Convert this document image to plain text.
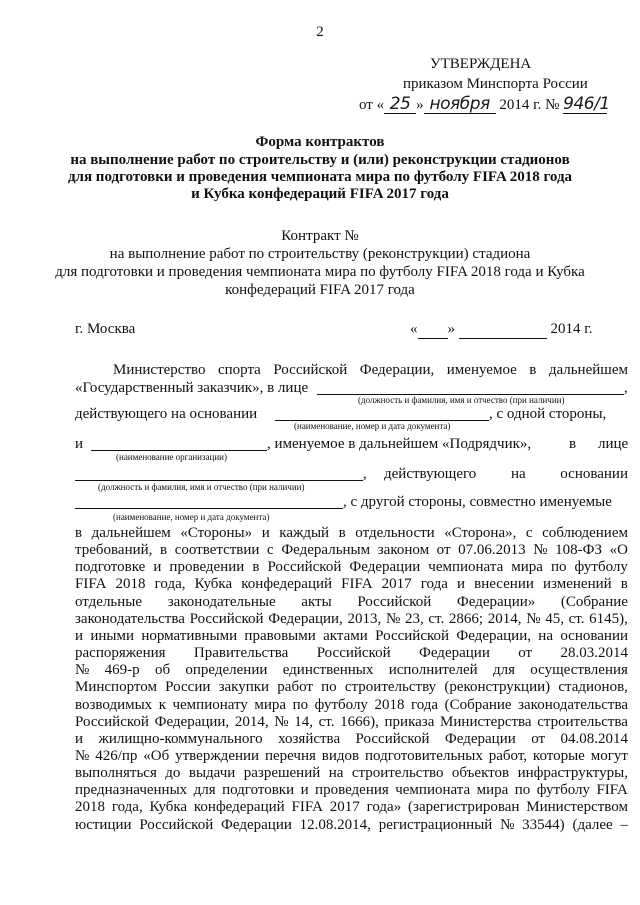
2
УТВЕРЖДЕНА
приказом Минспорта России
от « 25 » ноября 2014 г. № 946/1
Форма контрактов
на выполнение работ по строительству и (или) реконструкции стадионов
для подготовки и проведения чемпионата мира по футболу FIFA 2018 года
и Кубка конфедераций FIFA 2017 года
Контракт №
на выполнение работ по строительству (реконструкции) стадиона
для подготовки и проведения чемпионата мира по футболу FIFA 2018 года и Кубка
конфедераций FIFA 2017 года
г. Москва	« »	2014 г.
Министерство спорта Российской Федерации, именуемое в дальнейшем
«Государственный заказчик», в лице	,
(должность и фамилия, имя и отчество (при наличии)
действующего на основании	, с одной стороны,
(наименование, номер и дата документа)
и	, именуемое в дальнейшем «Подрядчик»,	в лице
(наименование организации)
, действующего на основании
(должность и фамилия, имя и отчество (при наличии)
, с другой стороны, совместно именуемые
(наименование, номер и дата документа)
в дальнейшем «Стороны» и каждый в отдельности «Сторона», с соблюдением
требований, в соответствии с Федеральным законом от 07.06.2013 № 108-ФЗ «О
подготовке и проведении в Российской Федерации чемпионата мира по футболу
FIFA 2018 года, Кубка конфедераций FIFA 2017 года и внесении изменений в
отдельные законодательные акты Российской Федерации» (Собрание
законодательства Российской Федерации, 2013, № 23, ст. 2866; 2014, № 45, ст. 6145),
и иными нормативными правовыми актами Российской Федерации, на основании
распоряжения Правительства Российской Федерации от 28.03.2014
№ 469-р об определении единственных исполнителей для осуществления
Минспортом России закупки работ по строительству (реконструкции) стадионов,
возводимых к чемпионату мира по футболу 2018 года (Собрание законодательства
Российской Федерации, 2014, № 14, ст. 1666), приказа Министерства строительства
и жилищно-коммунального хозяйства Российской Федерации от 04.08.2014
№ 426/пр «Об утверждении перечня видов подготовительных работ, которые могут
выполняться до выдачи разрешений на строительство объектов инфраструктуры,
предназначенных для подготовки и проведения чемпионата мира по футболу FIFA
2018 года, Кубка конфедераций FIFA 2017 года» (зарегистрирован Министерством
юстиции Российской Федерации 12.08.2014, регистрационный № 33544) (далее –
